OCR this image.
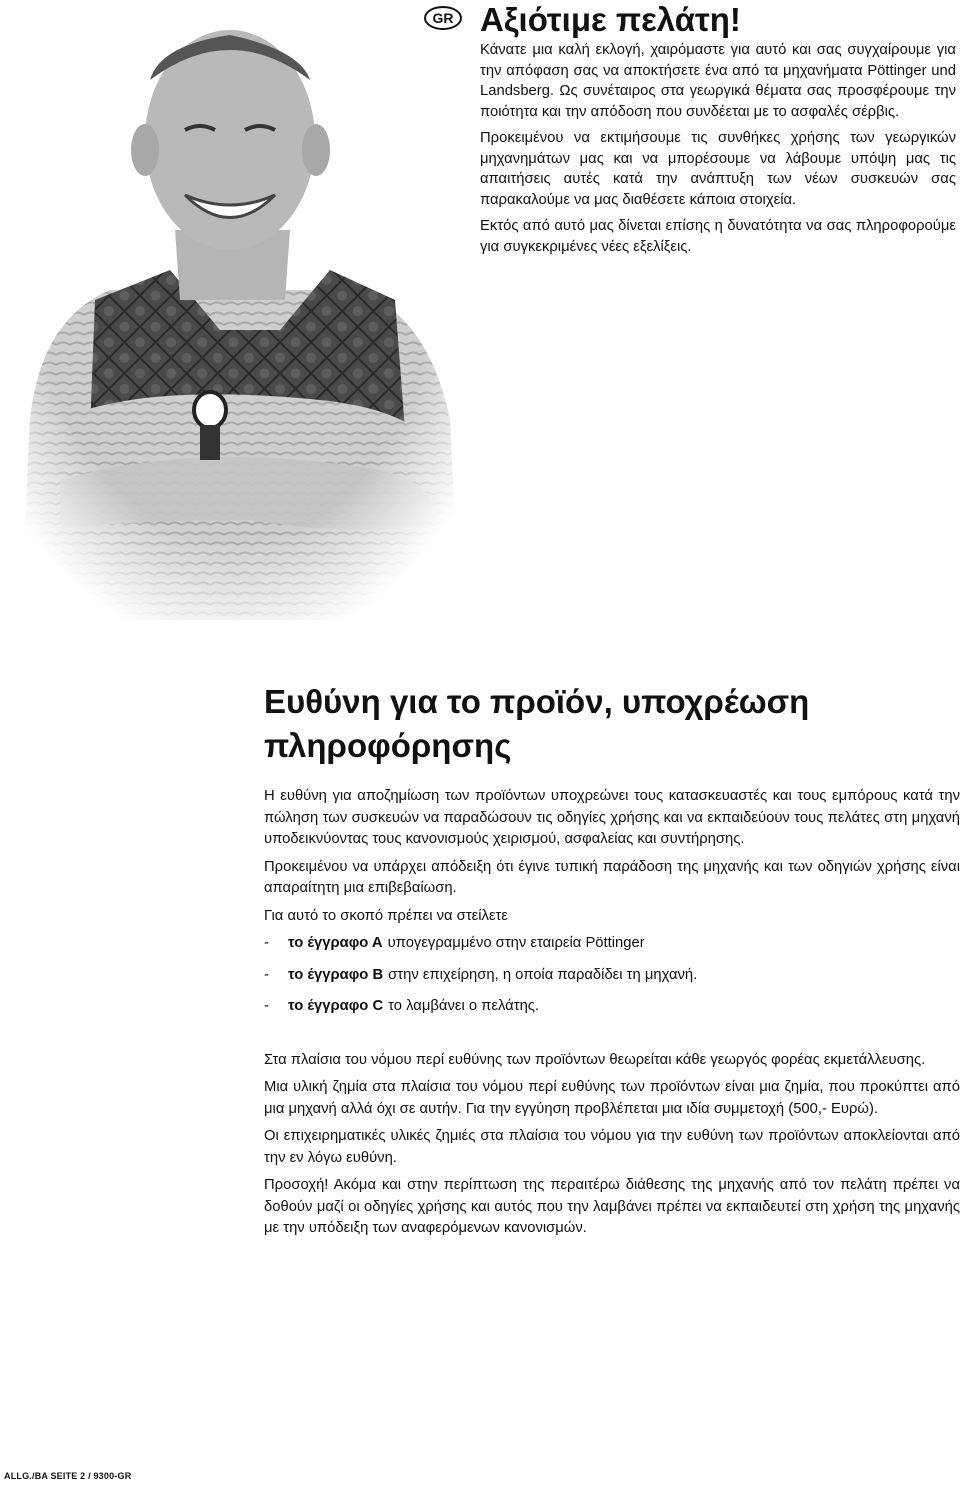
GR Αξιότιμε πελάτη!

Κάνατε μια καλή εκλογή, χαιρόμαστε για αυτό και σας συγχαίρουμε για την απόφαση σας να αποκτήσετε ένα από τα μηχανήματα Pöttinger und Landsberg. Ως συνέταιρος στα γεωργικά θέματα σας προσφέρουμε την ποιότητα και την απόδοση που συνδέεται με το ασφαλές σέρβις.

Προκειμένου να εκτιμήσουμε τις συνθήκες χρήσης των γεωργικών μηχανημάτων μας και να μπορέσουμε να λάβουμε υπόψη μας τις απαιτήσεις αυτές κατά την ανάπτυξη των νέων συσκευών σας παρακαλούμε να μας διαθέσετε κάποια στοιχεία.

Εκτός από αυτό μας δίνεται επίσης η δυνατότητα να σας πληροφορούμε για συγκεκριμένες νέες εξελίξεις.

Ευθύνη για το προϊόν, υποχρέωση πληροφόρησης

Η ευθύνη για αποζημίωση των προϊόντων υποχρεώνει τους κατασκευαστές και τους εμπόρους κατά την πώληση των συσκευών να παραδώσουν τις οδηγίες χρήσης και να εκπαιδεύουν τους πελάτες στη μηχανή υποδεικνύοντας τους κανονισμούς χειρισμού, ασφαλείας και συντήρησης.

Προκειμένου να υπάρχει απόδειξη ότι έγινε τυπική παράδοση της μηχανής και των οδηγιών χρήσης είναι απαραίτητη μια επιβεβαίωση.

Για αυτό το σκοπό πρέπει να στείλετε

-	το έγγραφο Α υπογεγραμμένο στην εταιρεία Pöttinger
-	το έγγραφο Β στην επιχείρηση, η οποία παραδίδει τη μηχανή.
-	το έγγραφο C το λαμβάνει ο πελάτης.

Στα πλαίσια του νόμου περί ευθύνης των προϊόντων θεωρείται κάθε γεωργός φορέας εκμετάλλευσης.

Μια υλική ζημία στα πλαίσια του νόμου περί ευθύνης των προϊόντων είναι μια ζημία, που προκύπτει από μια μηχανή αλλά όχι σε αυτήν. Για την εγγύηση προβλέπεται μια ιδία συμμετοχή (500,- Ευρώ).

Οι επιχειρηματικές υλικές ζημιές στα πλαίσια του νόμου για την ευθύνη των προϊόντων αποκλείονται από την εν λόγω ευθύνη.

Προσοχή! Ακόμα και στην περίπτωση της περαιτέρω διάθεσης της μηχανής από τον πελάτη πρέπει να δοθούν μαζί οι οδηγίες χρήσης και αυτός που την λαμβάνει πρέπει να εκπαιδευτεί στη χρήση της μηχανής με την υπόδειξη των αναφερόμενων κανονισμών.

ALLG./BA SEITE 2 / 9300-GR
